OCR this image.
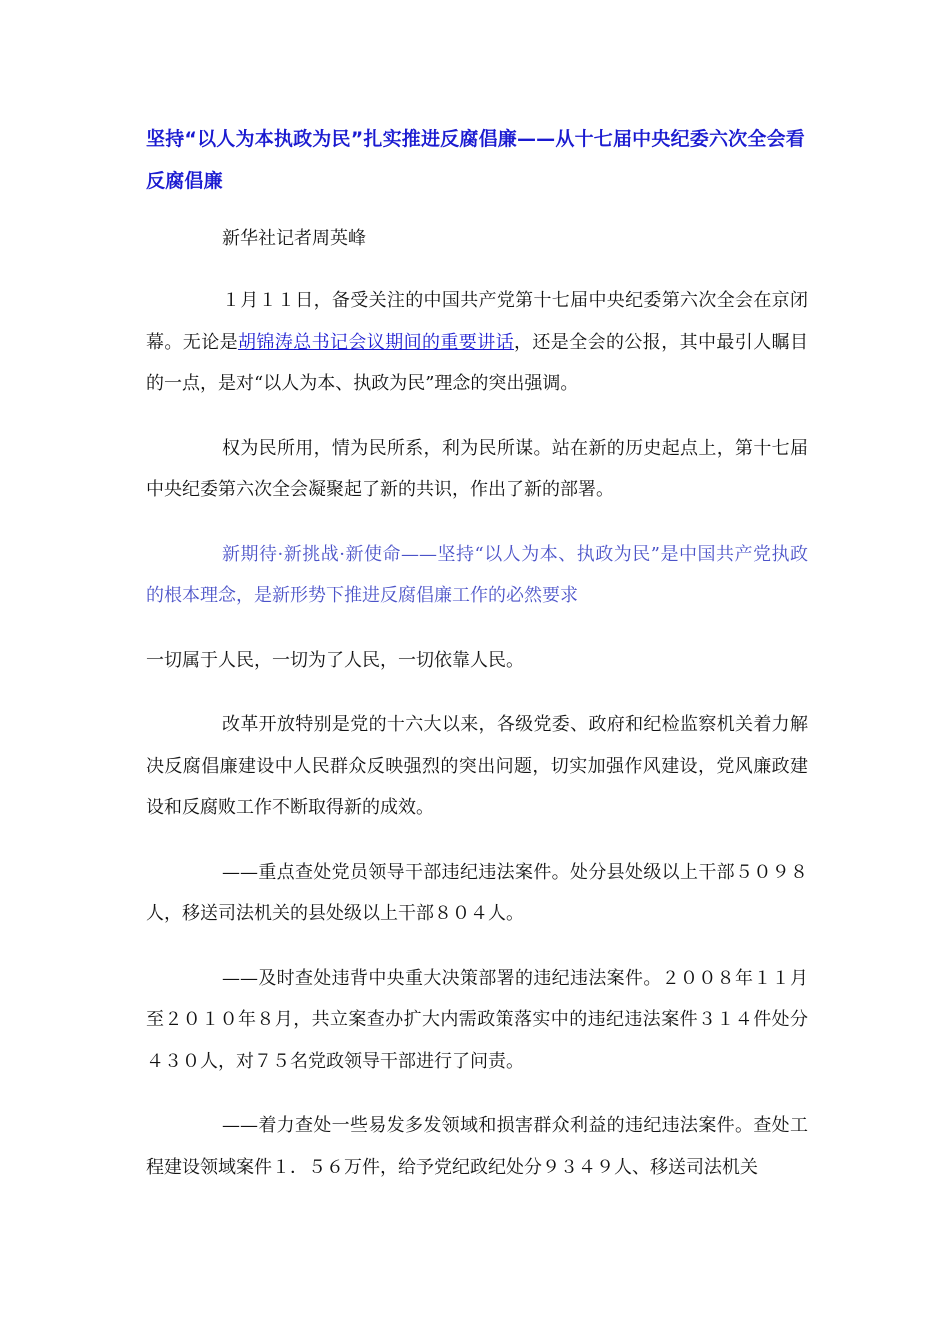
坚持“以人为本执政为民”扎实推进反腐倡廉——从十七届中央纪委六次全会看反腐倡廉
新华社记者周英峰

１月１１日，备受关注的中国共产党第十七届中央纪委第六次全会在京闭幕。无论是胡锦涛总书记会议期间的重要讲话，还是全会的公报，其中最引人瞩目的一点，是对“以人为本、执政为民”理念的突出强调。

权为民所用，情为民所系，利为民所谋。站在新的历史起点上，第十七届中央纪委第六次全会凝聚起了新的共识，作出了新的部署。

新期待·新挑战·新使命——坚持“以人为本、执政为民”是中国共产党执政的根本理念，是新形势下推进反腐倡廉工作的必然要求

一切属于人民，一切为了人民，一切依靠人民。

改革开放特别是党的十六大以来，各级党委、政府和纪检监察机关着力解决反腐倡廉建设中人民群众反映强烈的突出问题，切实加强作风建设，党风廉政建设和反腐败工作不断取得新的成效。

——重点查处党员领导干部违纪违法案件。处分县处级以上干部５０９８人，移送司法机关的县处级以上干部８０４人。

——及时查处违背中央重大决策部署的违纪违法案件。２００８年１１月至２０１０年８月，共立案查办扩大内需政策落实中的违纪违法案件３１４件处分４３０人，对７５名党政领导干部进行了问责。

——着力查处一些易发多发领域和损害群众利益的违纪违法案件。查处工程建设领域案件１．５６万件，给予党纪政纪处分９３４９人、移送司法机关
